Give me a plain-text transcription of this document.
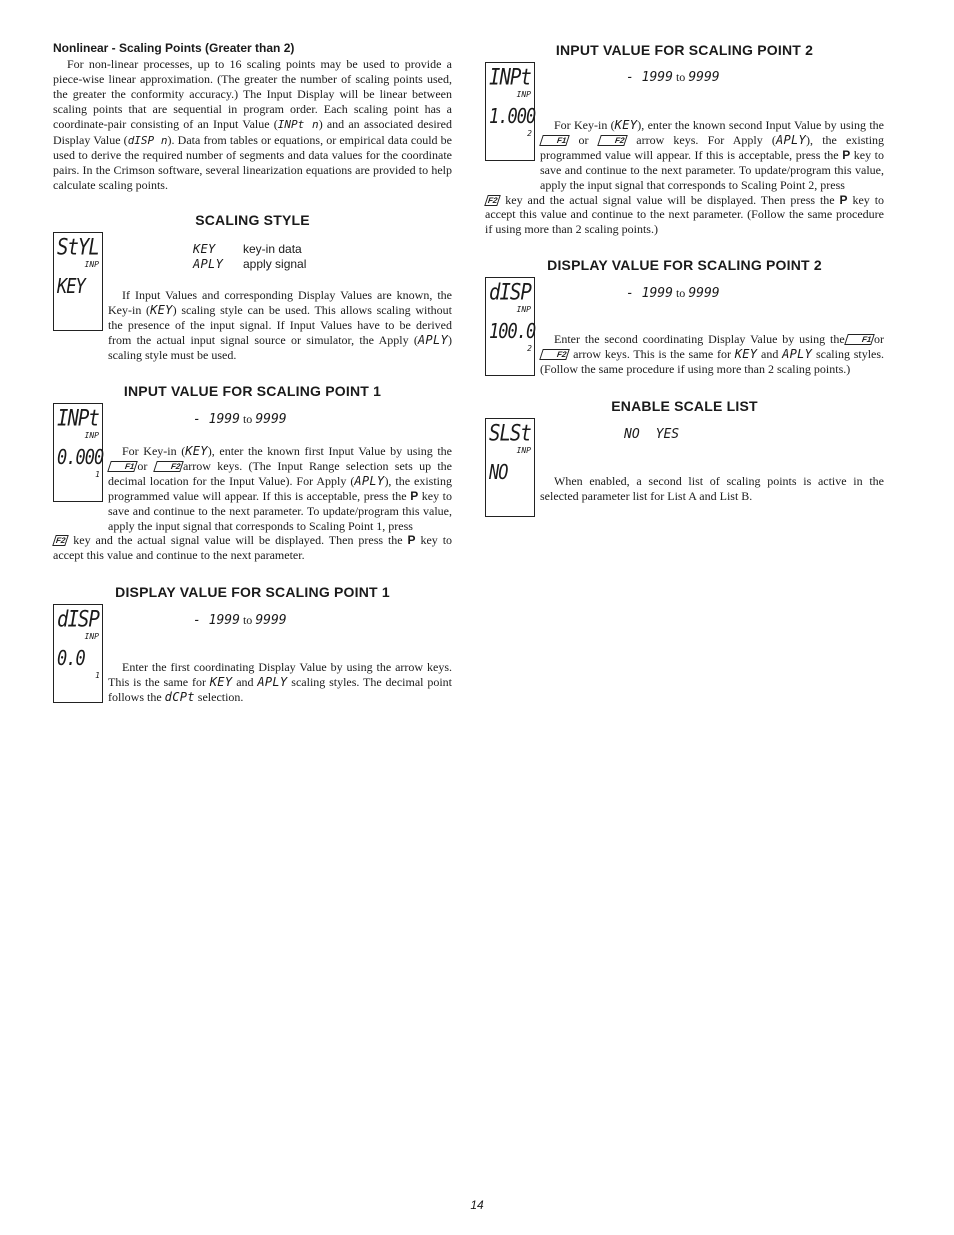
Nonlinear - Scaling Points (Greater than 2)

For non-linear processes, up to 16 scaling points may be used to provide a piece-wise linear approximation. (The greater the number of scaling points used, the greater the conformity accuracy.) The Input Display will be linear between scaling points that are sequential in program order. Each scaling point has a coordinate-pair consisting of an Input Value (INPt n) and an associated desired Display Value (dISP n). Data from tables or equations, or empirical data could be used to derive the required number of segments and data values for the coordinate pairs. In the Crimson software, several linearization equations are provided to help calculate scaling points.

SCALING STYLE
StYL
INP
KEY
KEY key-in data
APLY apply signal

If Input Values and corresponding Display Values are known, the Key-in (KEY) scaling style can be used. This allows scaling without the presence of the input signal. If Input Values have to be derived from the actual input signal source or simulator, the Apply (APLY) scaling style must be used.

INPUT VALUE FOR SCALING POINT 1
INPt
INP
0.000
1
- 1999 to 9999

For Key-in (KEY), enter the known first Input Value by using the F1 or	F2 arrow keys. (The Input Range selection sets up the decimal location for the Input Value). For Apply (APLY), the existing programmed value will appear. If this is acceptable, press the P key to save and continue to the next parameter. To update/program this value, apply the input signal that corresponds to Scaling Point 1, press

F2 key and the actual signal value will be displayed. Then press the P key to accept this value and continue to the next parameter.

DISPLAY VALUE FOR SCALING POINT 1
dISP
INP
0.0
1
- 1999 to 9999

Enter the first coordinating Display Value by using the arrow keys. This is the same for KEY and APLY scaling styles. The decimal point follows the dCPt selection.

INPUT VALUE FOR SCALING POINT 2
INPt
INP
1.000
2
- 1999 to 9999

For Key-in (KEY), enter the known second Input Value by using the F1 or	F2 arrow keys. For Apply (APLY), the existing programmed value will appear. If this is acceptable, press the P key to save and continue to the next parameter. To update/program this value, apply the input signal that corresponds to Scaling Point 2, press

F2 key and the actual signal value will be displayed. Then press the P key to accept this value and continue to the next parameter. (Follow the same procedure if using more than 2 scaling points.)

DISPLAY VALUE FOR SCALING POINT 2
dISP
INP
100.0
2
- 1999 to 9999

Enter the second coordinating Display Value by using the F1 orF2 arrow keys. This is the same for KEY and APLY scaling styles. (Follow the same procedure if using more than 2 scaling points.)

ENABLE SCALE LIST
SLSt
INP
NO
NO YES

When enabled, a second list of scaling points is active in the selected parameter list for List A and List B.

14
